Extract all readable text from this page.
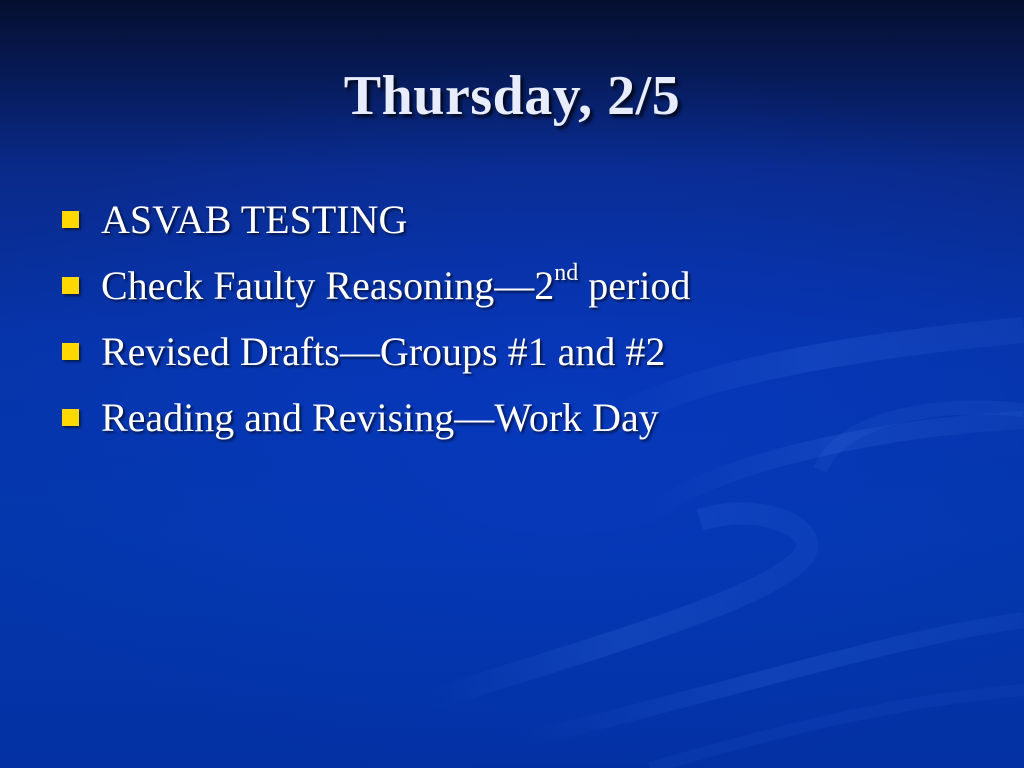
Thursday, 2/5
ASVAB TESTING
Check Faulty Reasoning—2nd period
Revised Drafts—Groups #1 and #2
Reading and Revising—Work Day
